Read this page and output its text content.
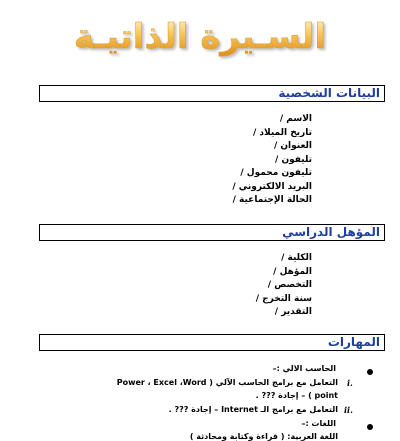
السـيرة الذاتيـة
البيانات الشخصية
الاسم /
تاريخ الميلاد /
العنوان /
تليفون /
تليفون محمول /
البريد الالكتروني /
الحالة الإجتماعية /
المؤهل الدراسي
الكلية /
المؤهل /
التخصص /
سنة التخرج /
التقدير /
المهارات
الحاسب الالي :–
i.
التعامل مع برامج الحاسب الآلي ( Power ، Excel ،Word
point ) – إجادة ??? .
ii.
التعامل مع برامج الـ Internet – إجادة ??? .
اللغات :–
اللغة العربية: ( قراءة وكتابة ومحادثة )
